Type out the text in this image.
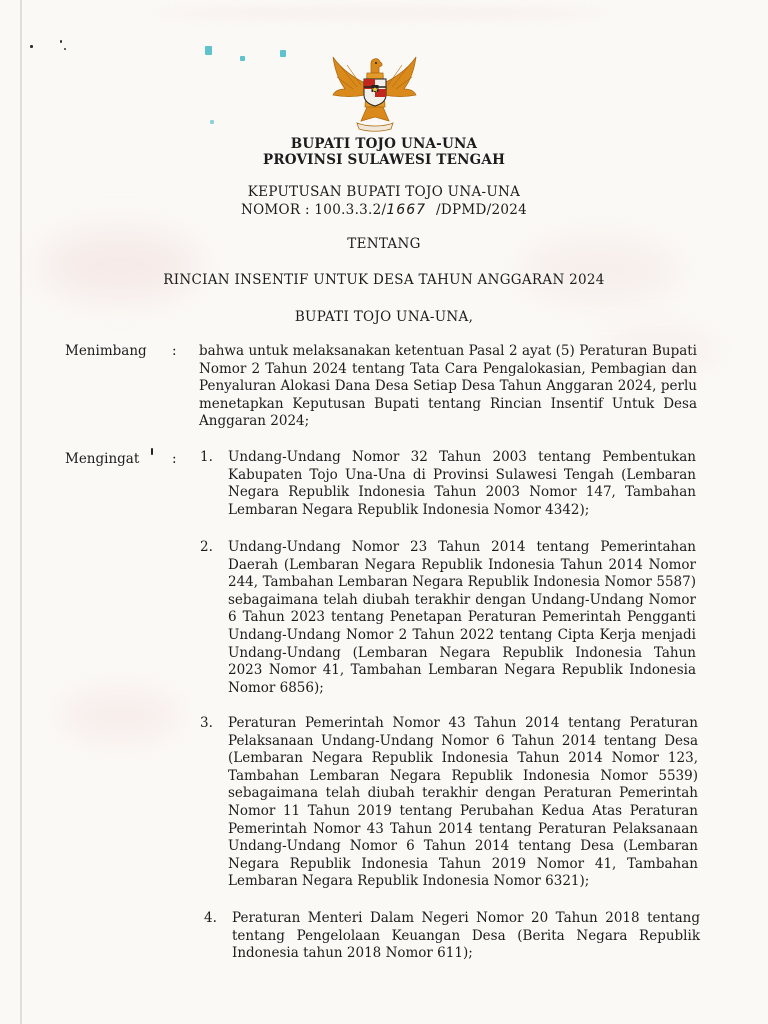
BUPATI TOJO UNA-UNA

PROVINSI SULAWESI TENGAH

KEPUTUSAN BUPATI TOJO UNA-UNA

NOMOR : 100.3.3.2/1667 /DPMD/2024

TENTANG

RINCIAN INSENTIF UNTUK DESA TAHUN ANGGARAN 2024

BUPATI TOJO UNA-UNA,

Menimbang : bahwa untuk melaksanakan ketentuan Pasal 2 ayat (5) Peraturan Bupati Nomor 2 Tahun 2024 tentang Tata Cara Pengalokasian, Pembagian dan Penyaluran Alokasi Dana Desa Setiap Desa Tahun Anggaran 2024, perlu menetapkan Keputusan Bupati tentang Rincian Insentif Untuk Desa Anggaran 2024;

Mengingat : 1. Undang-Undang Nomor 32 Tahun 2003 tentang Pembentukan Kabupaten Tojo Una-Una di Provinsi Sulawesi Tengah (Lembaran Negara Republik Indonesia Tahun 2003 Nomor 147, Tambahan Lembaran Negara Republik Indonesia Nomor 4342);

2. Undang-Undang Nomor 23 Tahun 2014 tentang Pemerintahan Daerah (Lembaran Negara Republik Indonesia Tahun 2014 Nomor 244, Tambahan Lembaran Negara Republik Indonesia Nomor 5587) sebagaimana telah diubah terakhir dengan Undang-Undang Nomor 6 Tahun 2023 tentang Penetapan Peraturan Pemerintah Pengganti Undang-Undang Nomor 2 Tahun 2022 tentang Cipta Kerja menjadi Undang-Undang (Lembaran Negara Republik Indonesia Tahun 2023 Nomor 41, Tambahan Lembaran Negara Republik Indonesia Nomor 6856);

3. Peraturan Pemerintah Nomor 43 Tahun 2014 tentang Peraturan Pelaksanaan Undang-Undang Nomor 6 Tahun 2014 tentang Desa (Lembaran Negara Republik Indonesia Tahun 2014 Nomor 123, Tambahan Lembaran Negara Republik Indonesia Nomor 5539) sebagaimana telah diubah terakhir dengan Peraturan Pemerintah Nomor 11 Tahun 2019 tentang Perubahan Kedua Atas Peraturan Pemerintah Nomor 43 Tahun 2014 tentang Peraturan Pelaksanaan Undang-Undang Nomor 6 Tahun 2014 tentang Desa (Lembaran Negara Republik Indonesia Tahun 2019 Nomor 41, Tambahan Lembaran Negara Republik Indonesia Nomor 6321);

4. Peraturan Menteri Dalam Negeri Nomor 20 Tahun 2018 tentang tentang Pengelolaan Keuangan Desa (Berita Negara Republik Indonesia tahun 2018 Nomor 611);
